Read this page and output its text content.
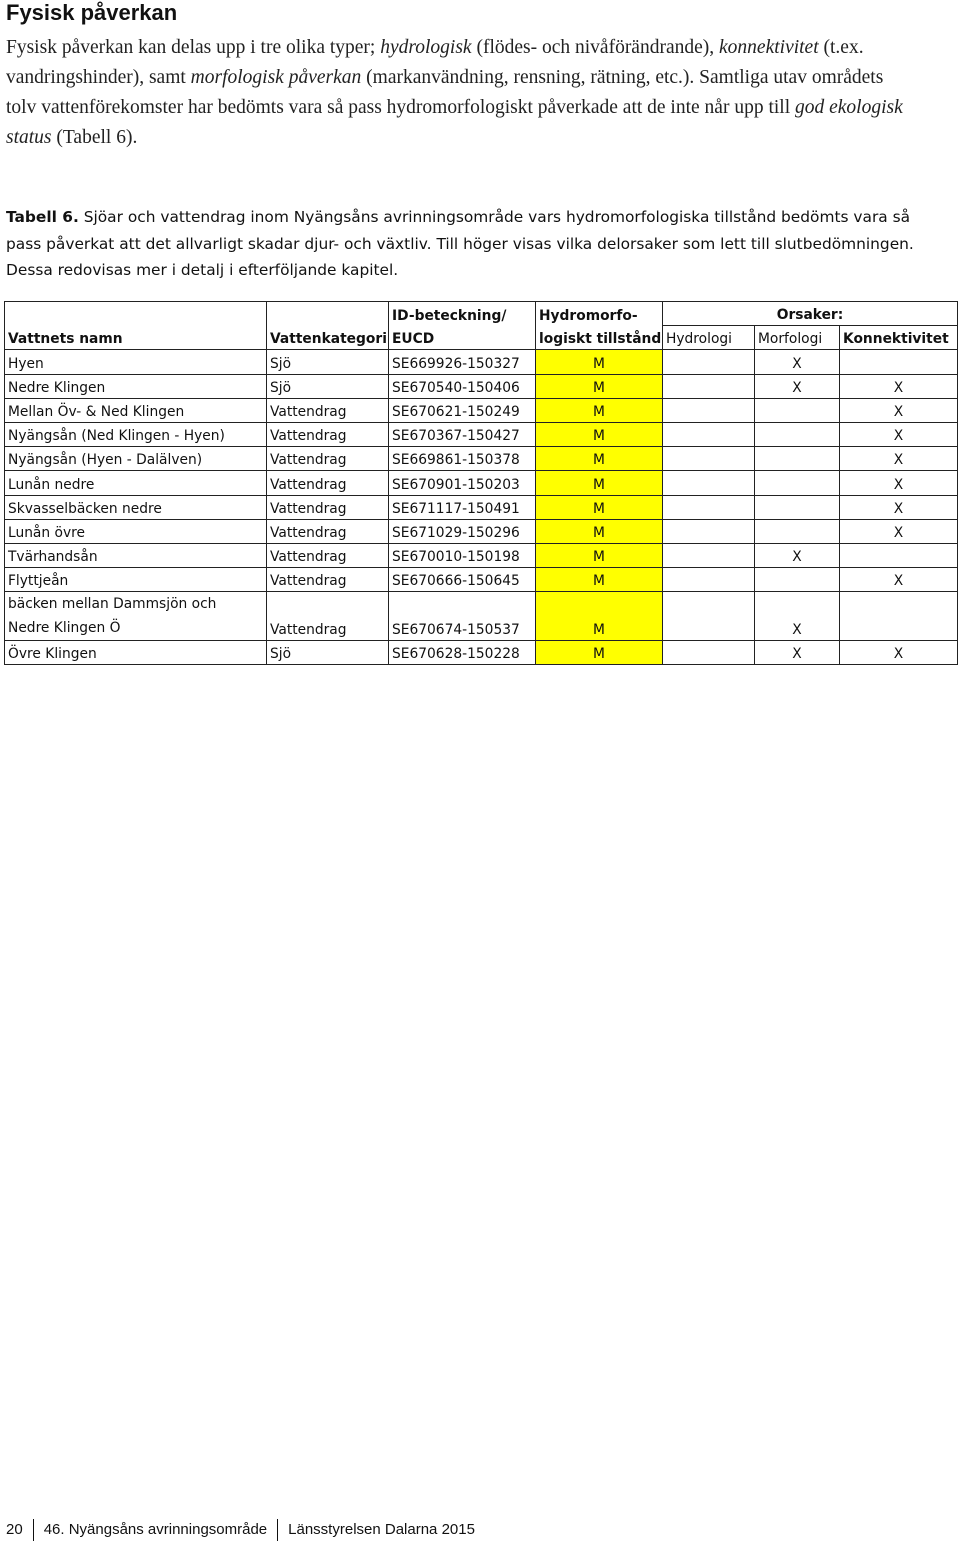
Fysisk påverkan
Fysisk påverkan kan delas upp i tre olika typer; hydrologisk (flödes- och nivåförändrande), konnektivitet (t.ex. vandringshinder), samt morfologisk påverkan (markanvändning, rensning, rätning, etc.). Samtliga utav områdets tolv vattenförekomster har bedömts vara så pass hydromorfologiskt påverkade att de inte når upp till god ekologisk status (Tabell 6).
Tabell 6. Sjöar och vattendrag inom Nyängsåns avrinningsområde vars hydromorfologiska tillstånd bedömts vara så pass påverkat att det allvarligt skadar djur- och växtliv. Till höger visas vilka delorsaker som lett till slutbedömningen. Dessa redovisas mer i detalj i efterföljande kapitel.
Vattnets namn	Vattenkategori	ID-beteckning/	Hydromorfo-	Orsaker:		
		EUCD	logiskt tillstånd	Hydrologi	Morfologi	Konnektivitet
Hyen	Sjö	SE669926-150327	M		X	
Nedre Klingen	Sjö	SE670540-150406	M		X	X
Mellan Öv- & Ned Klingen	Vattendrag	SE670621-150249	M			X
Nyängsån (Ned Klingen - Hyen)	Vattendrag	SE670367-150427	M			X
Nyängsån (Hyen - Dalälven)	Vattendrag	SE669861-150378	M			X
Lunån nedre	Vattendrag	SE670901-150203	M			X
Skvasselbäcken nedre	Vattendrag	SE671117-150491	M			X
Lunån övre	Vattendrag	SE671029-150296	M			X
Tvärhandsån	Vattendrag	SE670010-150198	M		X	
Flyttjeån	Vattendrag	SE670666-150645	M			X

bäcken mellan Dammsjön och
Nedre Klingen Ö	Vattendrag	SE670674-150537	M		X	
Övre Klingen	Sjö	SE670628-150228	M		X	X
20 46. Nyängsåns avrinningsområde Länsstyrelsen Dalarna 2015
